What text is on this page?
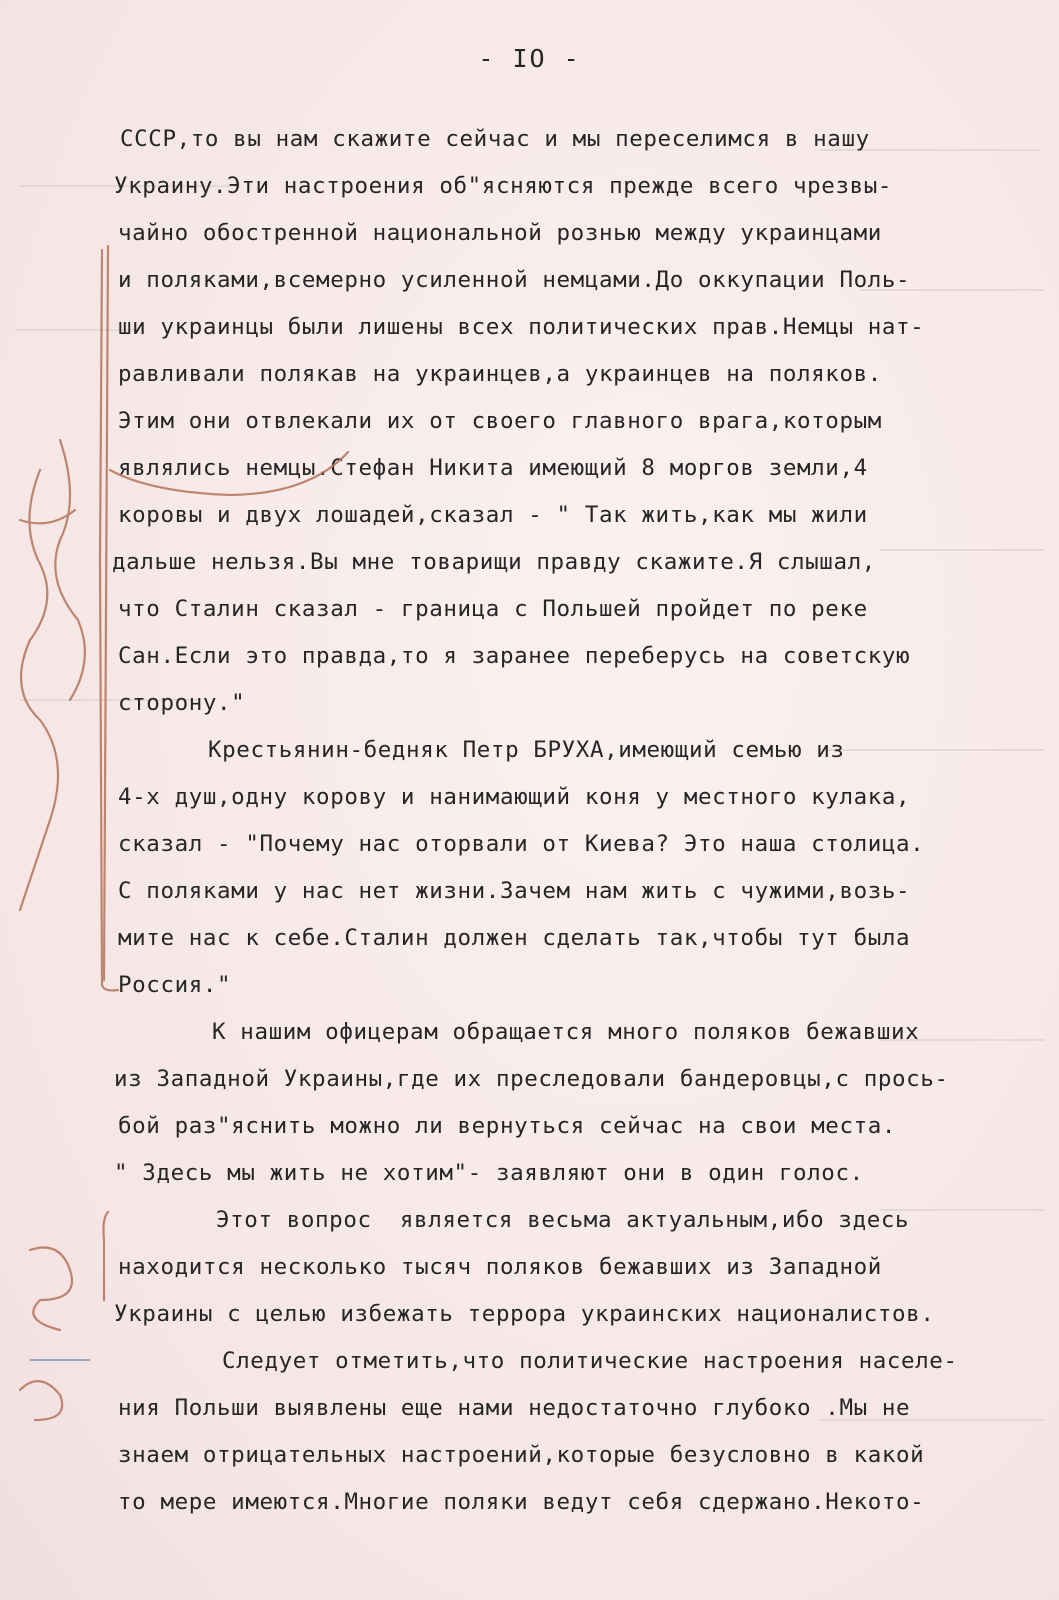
- IO -
СССР,то вы нам скажите сейчас и мы переселимся в нашу
Украину.Эти настроения об"ясняются прежде всего чрезвы-
чайно обостренной национальной рознью между украинцами
и поляками,всемерно усиленной немцами.До оккупации Поль-
ши украинцы были лишены всех политических прав.Немцы нат-
равливали полякав на украинцев,а украинцев на поляков.
Этим они отвлекали их от своего главного врага,которым
являлись немцы.Стефан Никита имеющий 8 моргов земли,4
коровы и двух лошадей,сказал - " Так жить,как мы жили
дальше нельзя.Вы мне товарищи правду скажите.Я слышал,
что Сталин сказал - граница с Польшей пройдет по реке
Сан.Если это правда,то я заранее переберусь на советскую
сторону."
Крестьянин-бедняк Петр БРУХА,имеющий семью из
4-х душ,одну корову и нанимающий коня у местного кулака,
сказал - "Почему нас оторвали от Киева? Это наша столица.
С поляками у нас нет жизни.Зачем нам жить с чужими,возь-
мите нас к себе.Сталин должен сделать так,чтобы тут была
Россия."
К нашим офицерам обращается много поляков бежавших
из Западной Украины,где их преследовали бандеровцы,с прось-
бой раз"яснить можно ли вернуться сейчас на свои места.
" Здесь мы жить не хотим"- заявляют они в один голос.
Этот вопрос  является весьма актуальным,ибо здесь
находится несколько тысяч поляков бежавших из Западной
Украины с целью избежать террора украинских националистов.
Следует отметить,что политические настроения населе-
ния Польши выявлены еще нами недостаточно глубоко .Мы не
знаем отрицательных настроений,которые безусловно в какой
то мере имеются.Многие поляки ведут себя сдержано.Некото-
